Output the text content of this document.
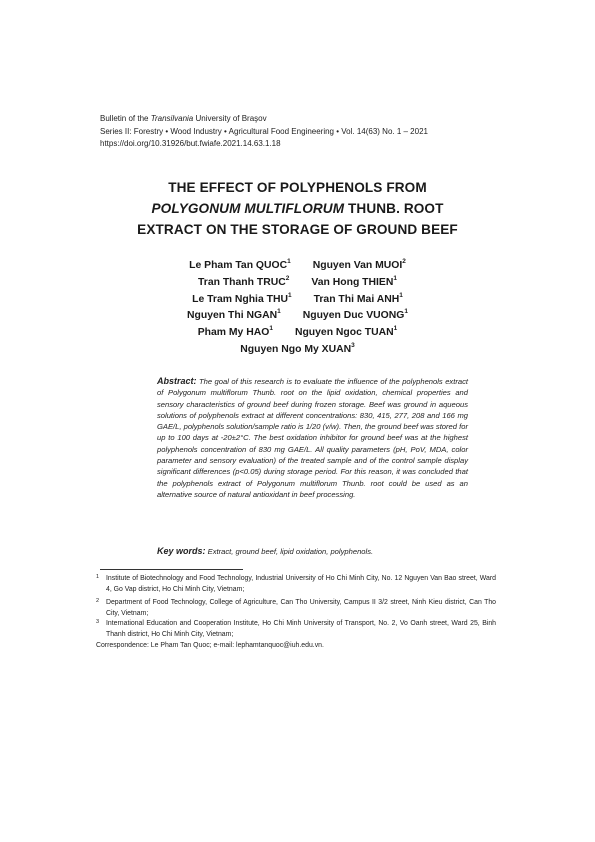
Bulletin of the Transilvania University of Braşov
Series II: Forestry • Wood Industry • Agricultural Food Engineering • Vol. 14(63) No. 1 – 2021
https://doi.org/10.31926/but.fwiafe.2021.14.63.1.18
THE EFFECT OF POLYPHENOLS FROM
POLYGONUM MULTIFLORUM THUNB. ROOT
EXTRACT ON THE STORAGE OF GROUND BEEF
Le Pham Tan QUOC$^1$ Nguyen Van MUOI$^2$
Tran Thanh TRUC$^2$ Van Hong THIEN$^1$
Le Tram Nghia THU$^1$ Tran Thi Mai ANH$^1$
Nguyen Thi NGAN$^1$ Nguyen Duc VUONG$^1$
Pham My HAO$^1$ Nguyen Ngoc TUAN$^1$
Nguyen Ngo My XUAN$^3$
Abstract: The goal of this research is to evaluate the influence of the polyphenols extract of Polygonum multiflorum Thunb. root on the lipid oxidation, chemical properties and sensory characteristics of ground beef during frozen storage. Beef was ground in aqueous solutions of polyphenols extract at different concentrations: 830, 415, 277, 208 and 166 mg GAE/L, polyphenols solution/sample ratio is 1/20 (v/w). Then, the ground beef was stored for up to 100 days at -20±2°C. The best oxidation inhibitor for ground beef was at the highest polyphenols concentration of 830 mg GAE/L. All quality parameters (pH, PoV, MDA, color parameter and sensory evaluation) of the treated sample and of the control sample display significant differences (p<0.05) during storage period. For this reason, it was concluded that the polyphenols extract of Polygonum multiflorum Thunb. root could be used as an alternative source of natural antioxidant in beef processing.
Key words: Extract, ground beef, lipid oxidation, polyphenols.
1	Institute of Biotechnology and Food Technology, Industrial University of Ho Chi Minh City, No. 12 Nguyen Van Bao street, Ward 4, Go Vap district, Ho Chi Minh City, Vietnam;
2	Department of Food Technology, College of Agriculture, Can Tho University, Campus II 3/2 street, Ninh Kieu district, Can Tho City, Vietnam;
3	International Education and Cooperation Institute, Ho Chi Minh University of Transport, No. 2, Vo Oanh street, Ward 25, Binh Thanh district, Ho Chi Minh City, Vietnam;
Correspondence: Le Pham Tan Quoc; e-mail: lephamtanquoc@iuh.edu.vn.
